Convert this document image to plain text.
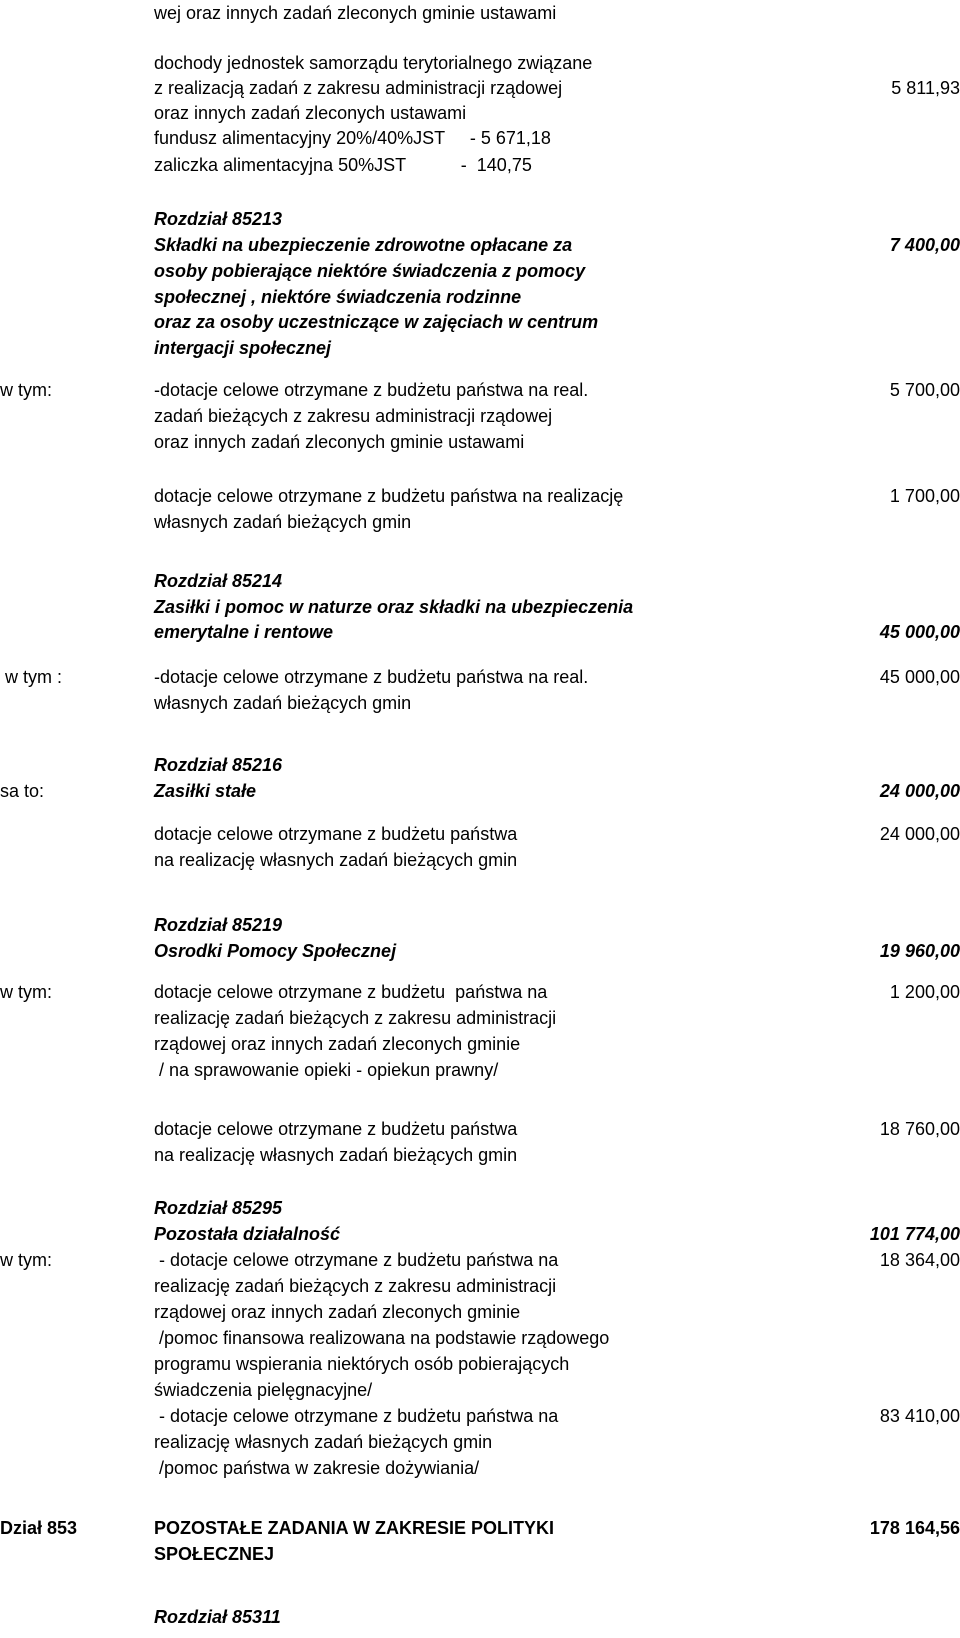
w tym:
w tym :
sa to:
w tym:
w tym:
Dział 853
wej oraz innych zadań zleconych gminie ustawami
dochody jednostek samorządu terytorialnego związane
z realizacją zadań z zakresu administracji rządowej
oraz innych zadań zleconych ustawami
fundusz alimentacyjny 20%/40%JST     - 5 671,18
zaliczka alimentacyjna 50%JST           -  140,75
Rozdział 85213
Składki na ubezpieczenie zdrowotne opłacane za
osoby pobierające niektóre świadczenia z pomocy
społecznej , niektóre świadczenia rodzinne
oraz za osoby uczestniczące w zajęciach w centrum
intergacji społecznej
-dotacje celowe otrzymane z budżetu państwa na real.
zadań bieżących z zakresu administracji rządowej
oraz innych zadań zleconych gminie ustawami
dotacje celowe otrzymane z budżetu państwa na realizację
własnych zadań bieżących gmin
Rozdział 85214
Zasiłki i pomoc w naturze oraz składki na ubezpieczenia
emerytalne i rentowe
-dotacje celowe otrzymane z budżetu państwa na real.
własnych zadań bieżących gmin
Rozdział 85216
Zasiłki stałe
dotacje celowe otrzymane z budżetu państwa
na realizację własnych zadań bieżących gmin
Rozdział 85219
Osrodki Pomocy Społecznej
dotacje celowe otrzymane z budżetu  państwa na
realizację zadań bieżących z zakresu administracji
rządowej oraz innych zadań zleconych gminie
/ na sprawowanie opieki - opiekun prawny/
dotacje celowe otrzymane z budżetu państwa
na realizację własnych zadań bieżących gmin
Rozdział 85295
Pozostała działalność
- dotacje celowe otrzymane z budżetu państwa na
realizację zadań bieżących z zakresu administracji
rządowej oraz innych zadań zleconych gminie
/pomoc finansowa realizowana na podstawie rządowego
programu wspierania niektórych osób pobierających
świadczenia pielęgnacyjne/
- dotacje celowe otrzymane z budżetu państwa na
realizację własnych zadań bieżących gmin
/pomoc państwa w zakresie dożywiania/
POZOSTAŁE ZADANIA W ZAKRESIE POLITYKI
SPOŁECZNEJ
Rozdział 85311
5 811,93
7 400,00
5 700,00
1 700,00
45 000,00
45 000,00
24 000,00
24 000,00
19 960,00
1 200,00
18 760,00
101 774,00
18 364,00
83 410,00
178 164,56
